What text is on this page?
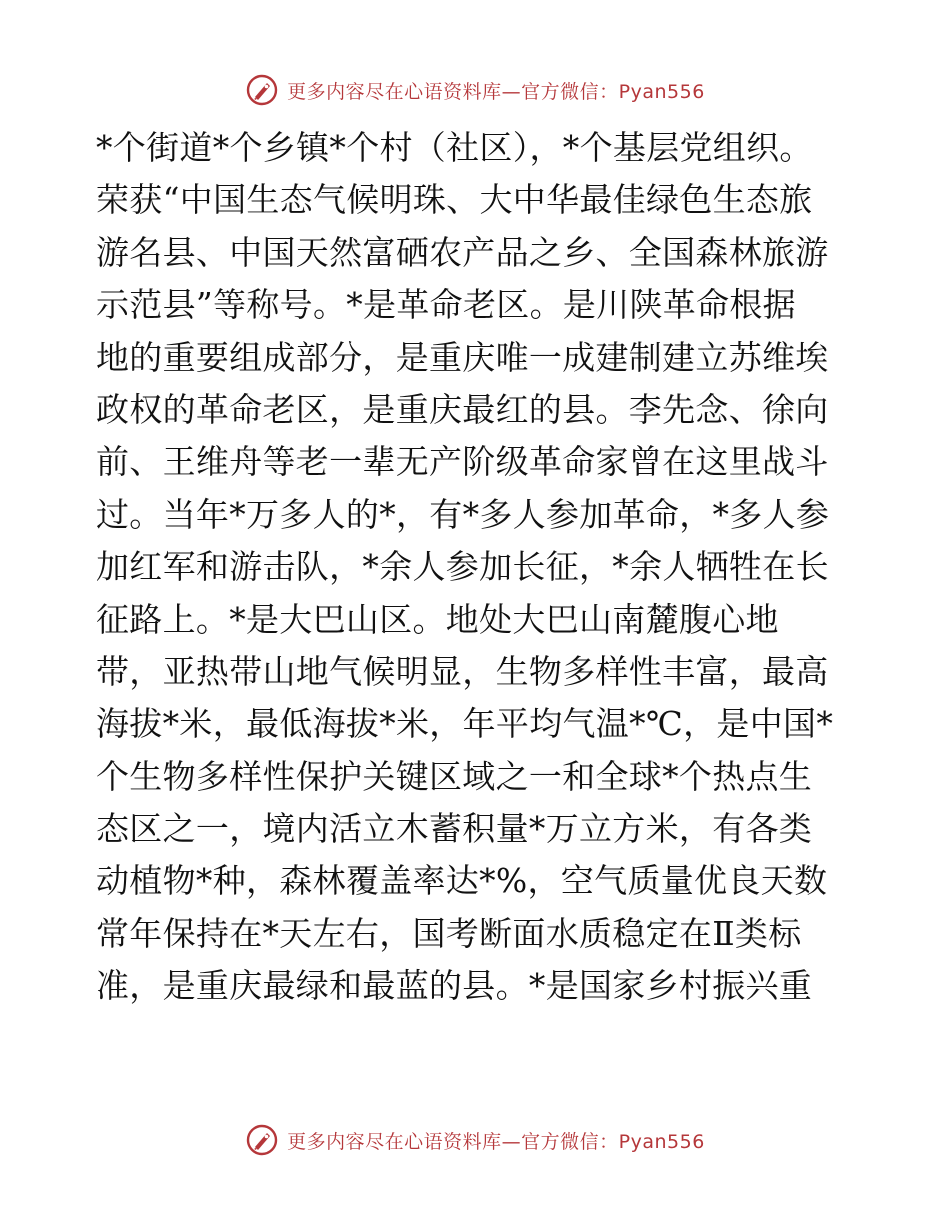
更多内容尽在心语资料库—官方微信：Pyan556
*个街道*个乡镇*个村（社区），*个基层党组织。
荣获“中国生态气候明珠、大中华最佳绿色生态旅
游名县、中国天然富硒农产品之乡、全国森林旅游
示范县”等称号。*是革命老区。是川陕革命根据
地的重要组成部分，是重庆唯一成建制建立苏维埃
政权的革命老区，是重庆最红的县。李先念、徐向
前、王维舟等老一辈无产阶级革命家曾在这里战斗
过。当年*万多人的*，有*多人参加革命，*多人参
加红军和游击队，*余人参加长征，*余人牺牲在长
征路上。*是大巴山区。地处大巴山南麓腹心地
带，亚热带山地气候明显，生物多样性丰富，最高
海拔*米，最低海拔*米，年平均气温*℃，是中国*
个生物多样性保护关键区域之一和全球*个热点生
态区之一，境内活立木蓄积量*万立方米，有各类
动植物*种，森林覆盖率达*%，空气质量优良天数
常年保持在*天左右，国考断面水质稳定在Ⅱ类标
准，是重庆最绿和最蓝的县。*是国家乡村振兴重
更多内容尽在心语资料库—官方微信：Pyan556
